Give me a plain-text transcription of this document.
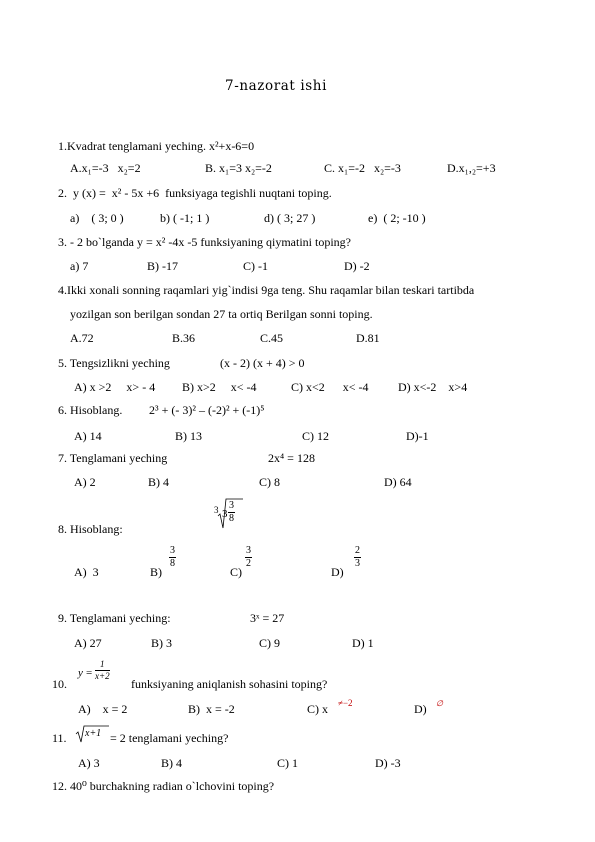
7-nazorat ishi
1.Kvadrat tenglamani yeching. x²+x-6=0
A.x₁=-3   x₂=2	B. x₁=3 x₂=-2	C. x₁=-2   x₂=-3	D.x₁,₂=+3
2.  y (x) =  x² - 5x +6  funksiyaga tegishli nuqtani toping.
a)    ( 3; 0 )	b) ( -1; 1 )	d) ( 3; 27 )	e)  ( 2; -10 )
3. - 2 bo`lganda y = x² -4x -5 funksiyaning qiymatini toping?
a) 7	B) -17	C) -1	D) -2
4.Ikki xonali sonning raqamlari yig`indisi 9ga teng. Shu raqamlar bilan teskari tartibda
yozilgan son berilgan sondan 27 ta ortiq Berilgan sonni toping.
A.72	B.36	C.45	D.81
5. Tengsizlikni yeching	(x - 2) (x + 4) > 0
A) x >2     x> - 4 B) x>2     x< -4	C) x<2      x< -4 D) x<-2    x>4
6. Hisoblang. 2³ + (- 3)² – (-2)² + (-1)⁵
A) 14	B) 13	C) 12	D)-1
7. Tenglamani yeching	2x⁴ = 128
A) 2	B) 4	C) 8	D) 64
8. Hisoblang:
3 $3 \frac{3}{8}$
A)  3	B)
$\frac{3}{8}$
C)
$\frac{3}{2}$
D)
$\frac{2}{3}$
9. Tenglamani yeching:	3ˣ = 27
A) 27	B) 3	C) 9	D) 1
10.
$y = \frac{1}{x+2}$
funksiyaning aniqlanish sohasini toping?
A)    x = 2	B)  x = -2	C) x ≠−2	D) ∅
11. x+1 = 2 tenglamani yeching?
A) 3	B) 4	C) 1	D) -3
12. 40⁰ burchakning radian o`lchovini toping?
